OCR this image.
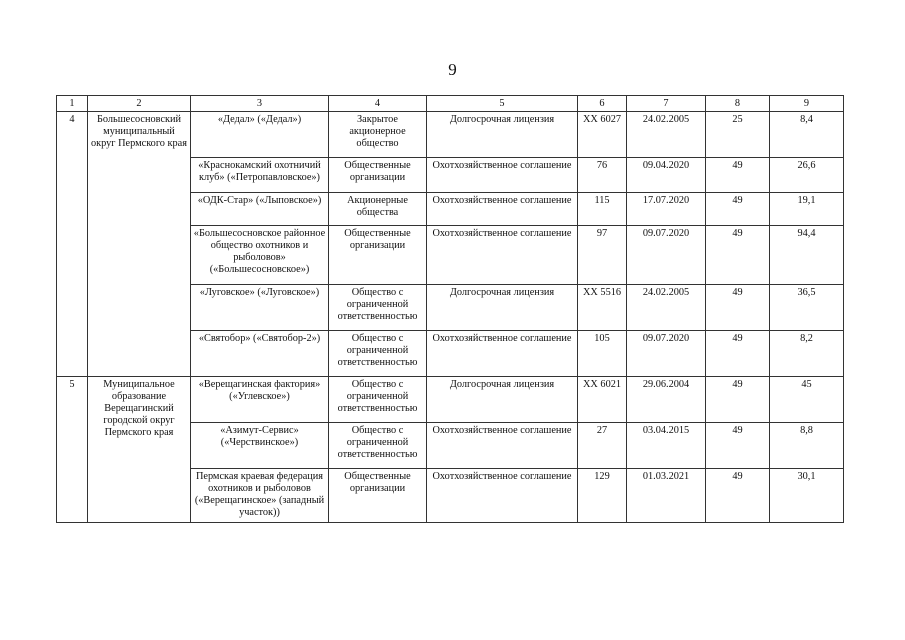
9
1	2	3	4	5	6	7	8	9
4	Большесосновский муниципальный округ Пермского края	«Дедал» («Дедал»)	Закрытое акционерное общество	Долгосрочная лицензия	ХХ 6027	24.02.2005	25	8,4
		«Краснокамский охотничий клуб» («Петропавловское»)	Общественные организации	Охотхозяйственное соглашение	76	09.04.2020	49	26,6
		«ОДК-Стар» («Лыповское»)	Акционерные общества	Охотхозяйственное соглашение	115	17.07.2020	49	19,1
		«Большесосновское районное общество охотников и рыболовов» («Большесосновское»)	Общественные организации	Охотхозяйственное соглашение	97	09.07.2020	49	94,4
		«Луговское» («Луговское»)	Общество с ограниченной ответственностью	Долгосрочная лицензия	ХХ 5516	24.02.2005	49	36,5
		«Святобор» («Святобор-2»)	Общество с ограниченной ответственностью	Охотхозяйственное соглашение	105	09.07.2020	49	8,2
5	Муниципальное образование Верещагинский городской округ Пермского края	«Верещагинская фактория» («Углевское»)	Общество с ограниченной ответственностью	Долгосрочная лицензия	ХХ 6021	29.06.2004	49	45
		«Азимут-Сервис» («Черствинское»)	Общество с ограниченной ответственностью	Охотхозяйственное соглашение	27	03.04.2015	49	8,8
		Пермская краевая федерация охотников и рыболовов («Верещагинское» (западный участок))	Общественные организации	Охотхозяйственное соглашение	129	01.03.2021	49	30,1
